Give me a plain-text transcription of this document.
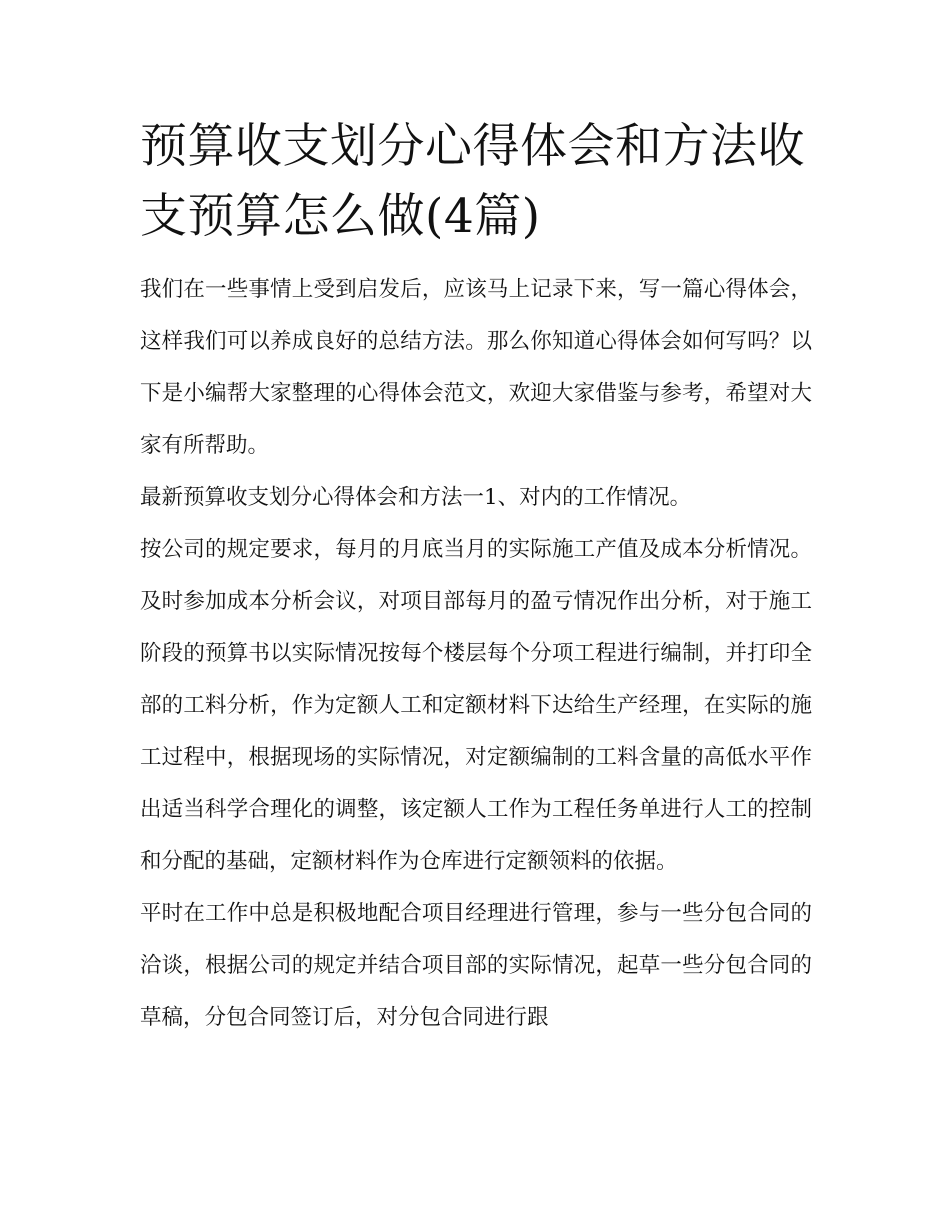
预算收支划分心得体会和方法收支预算怎么做(4篇)

我们在一些事情上受到启发后，应该马上记录下来，写一篇心得体会，这样我们可以养成良好的总结方法。那么你知道心得体会如何写吗？以下是小编帮大家整理的心得体会范文，欢迎大家借鉴与参考，希望对大家有所帮助。

最新预算收支划分心得体会和方法一1、对内的工作情况。

按公司的规定要求，每月的月底当月的实际施工产值及成本分析情况。及时参加成本分析会议，对项目部每月的盈亏情况作出分析，对于施工阶段的预算书以实际情况按每个楼层每个分项工程进行编制，并打印全部的工料分析，作为定额人工和定额材料下达给生产经理，在实际的施工过程中，根据现场的实际情况，对定额编制的工料含量的高低水平作出适当科学合理化的调整，该定额人工作为工程任务单进行人工的控制和分配的基础，定额材料作为仓库进行定额领料的依据。

平时在工作中总是积极地配合项目经理进行管理，参与一些分包合同的洽谈，根据公司的规定并结合项目部的实际情况，起草一些分包合同的草稿，分包合同签订后，对分包合同进行跟
